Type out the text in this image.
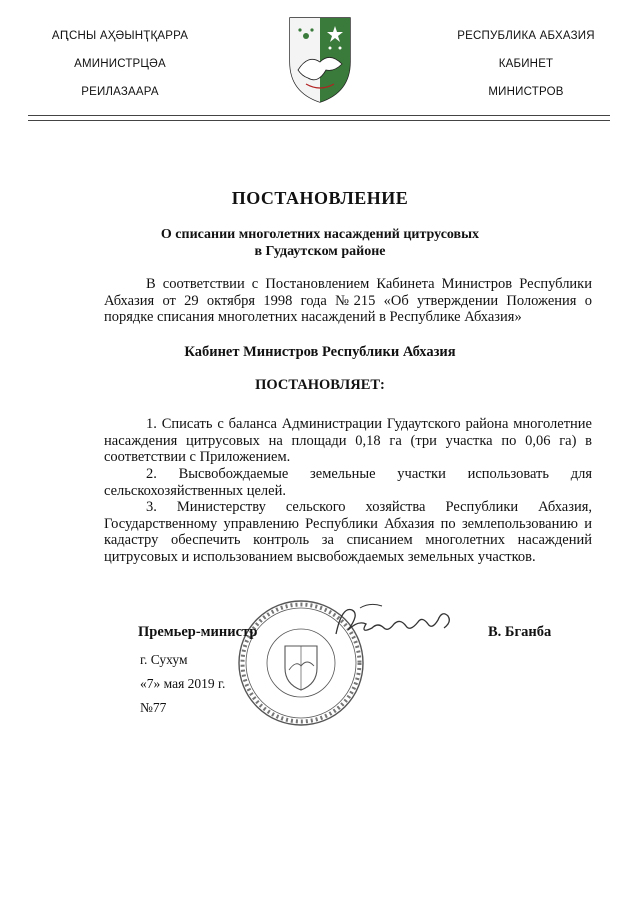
АԤСНЫ АҲӘЫНҬҚАРРА
АМИНИСТРЦӘА
РЕИЛАЗААРА
РЕСПУБЛИКА АБХАЗИЯ
КАБИНЕТ
МИНИСТРОВ
ПОСТАНОВЛЕНИЕ
О списании многолетних насаждений цитрусовых
в Гудаутском районе
В соответствии с Постановлением Кабинета Министров Республики Абхазия от 29 октября 1998 года №215 «Об утверждении Положения о порядке списания многолетних насаждений в Республике Абхазия»
Кабинет Министров Республики Абхазия
ПОСТАНОВЛЯЕТ:
1. Списать с баланса Администрации Гудаутского района многолетние насаждения цитрусовых на площади 0,18 га (три участка по 0,06 га) в соответствии с Приложением.
2. Высвобождаемые земельные участки использовать для сельскохозяйственных целей.
3. Министерству сельского хозяйства Республики Абхазия, Государственному управлению Республики Абхазия по землепользованию и кадастру обеспечить контроль за списанием многолетних насаждений цитрусовых и использованием высвобождаемых земельных участков.
Премьер-министр	В. Бганба
г. Сухум
«7» мая 2019 г.
№77
